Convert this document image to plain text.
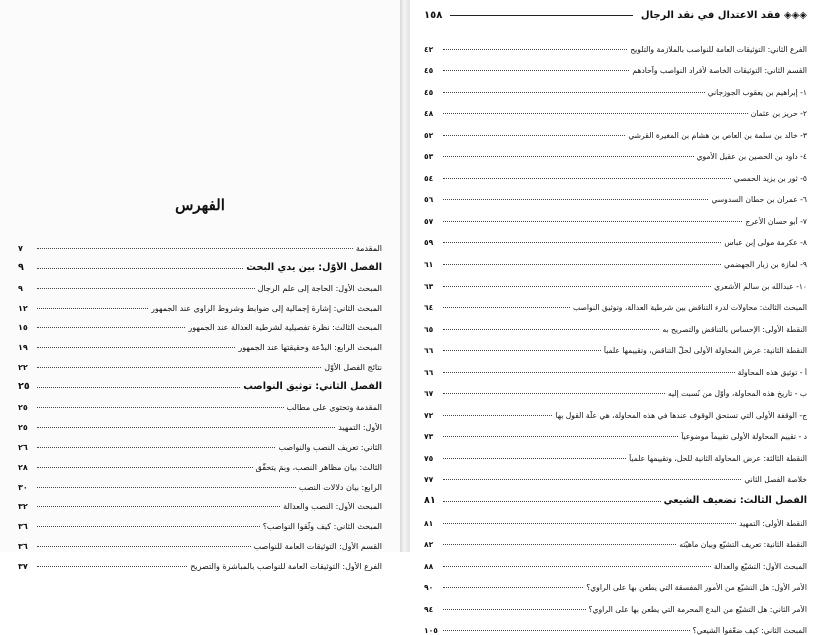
الفهرس
المقدمة
٧
الفصل الأوّل: بين يدي البحث
٩
المبحث الأول: الحاجة إلى علم الرجال
٩
المبحث الثاني: إشارة إجمالية إلى ضوابط وشروط الراوي عند الجمهور
١٢
المبحث الثالث: نظرة تفصيلية لشرطية العدالة عند الجمهور
١٥
المبحث الرابع: البدْعة وحقيقتها عند الجمهور
١٩
نتائج الفصل الأوّل
٢٢
الفصل الثاني: توثيق النواصب
٢٥
المقدمة وتحتوي على مطالب
٢٥
الأول: التمهيد
٢٥
الثاني: تعريف النصب والنواصب
٢٦
الثالث: بيان مظاهر النصب، وبِمَ يتحقّق
٢٨
الرابع: بيان دلالات النصب
٣٠
المبحث الأول: النصب والعدالة
٣٢
المبحث الثاني: كيف وثّقوا النواصب؟
٣٦
القسم الأول: التوثيقات العامة للنواصب
٣٦
الفرع الأول: التوثيقات العامة للنواصب بالمباشرة والتصريح
٣٧
◈◈◈ فقد الاعتدال في نقد الرجال
١٥٨
الفرع الثاني: التوثيقات العامة للنواصب بالملازمة والتلويح
٤٢
القسم الثاني: التوثيقات الخاصة لأفراد النواصب وآحادهم
٤٥
١- إبراهيم بن يعقوب الجوزجاني
٤٥
٢- حريز بن عثمان
٤٨
٣- خالد بن سلمة بن العاص بن هشام بن المغيرة القرشي
٥٢
٤- داود بن الحصين بن عقيل الأموي
٥٣
٥- ثور بن يزيد الحمصي
٥٤
٦- عمران بن حطان السدوسي
٥٦
٧- أبو حسان الأعرج
٥٧
٨- عكرمة مولى إبن عباس
٥٩
٩- لمازة بن زبار الجهضمي
٦١
١٠- عبدالله بن سالم الأشعري
٦٣
المبحث الثالث: محاولات لدرء التناقض بين شرطية العدالة، وتوثيق النواصب
٦٤
النقطة الأولى: الإحساس بالتناقض والتصريح به
٦٥
النقطة الثانية: عرض المحاولة الأولى لحلّ التناقض، وتقييمها علمياً
٦٦
أ - توثيق هذه المحاولة
٦٦
ب - تاريخ هذه المحاولة، وأوّل من نُسبت إليه
٦٧
ج- الوقفة الأولى التي تستحق الوقوف عندها في هذه المحاولة، هي علّة القول بها
٧٢
د - تقييم المحاولة الأولى تقييماً موضوعياً
٧٣
النقطة الثالثة: عرض المحاولة الثانية للحل، وتقييمها علمياً
٧٥
خلاصة الفصل الثاني
٧٧
الفصل الثالث: تضعيف الشيعي
٨١
النقطة الأولى: التمهيد
٨١
النقطة الثانية: تعريف التشيّع وبيان ماهيّته
٨٢
المبحث الأول: التشيّع والعدالة
٨٨
الأمر الأول: هل التشيّع من الأمور المفسقة التي يطعن بها على الراوي؟
٩٠
الأمر الثاني: هل التشيّع من البدع المحرمة التي يطعن بها على الراوي؟
٩٤
المبحث الثاني: كيف ضعّفوا الشيعي؟
١٠٥
